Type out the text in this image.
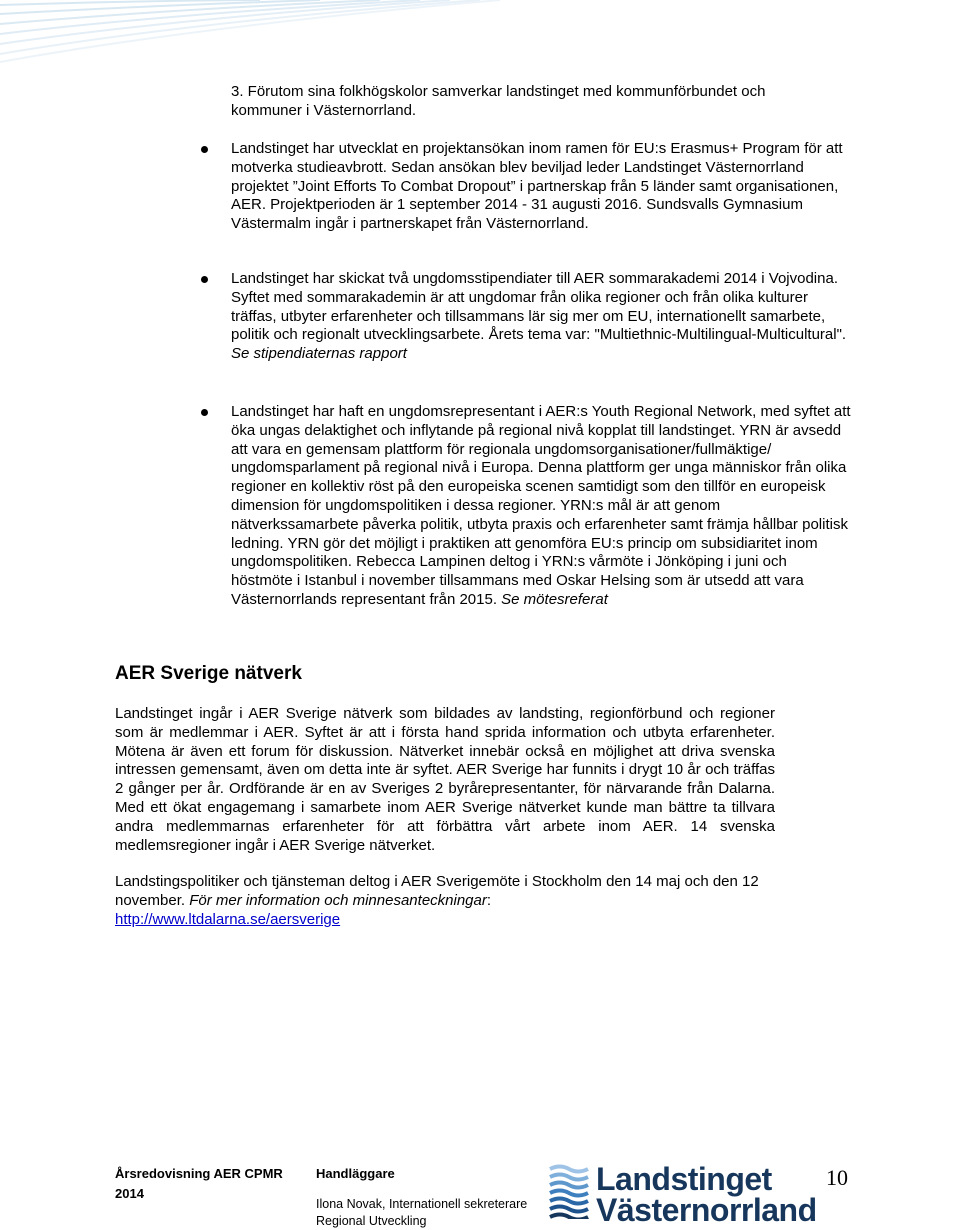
3. Förutom sina folkhögskolor samverkar landstinget med kommunförbundet och
kommuner i Västernorrland.
Landstinget har utvecklat en projektansökan inom ramen för EU:s Erasmus+ Program för att motverka studieavbrott. Sedan ansökan blev beviljad leder Landstinget Västernorrland projektet ”Joint Efforts To Combat Dropout” i partnerskap från 5 länder samt organisationen, AER. Projektperioden är 1 september 2014 - 31 augusti 2016. Sundsvalls Gymnasium Västermalm ingår i partnerskapet från Västernorrland.
Landstinget har skickat två ungdomsstipendiater till AER sommarakademi 2014 i Vojvodina. Syftet med sommarakademin är att ungdomar från olika regioner och från olika kulturer träffas, utbyter erfarenheter och tillsammans lär sig mer om EU, internationellt samarbete, politik och regionalt utvecklingsarbete. Årets tema var: "Multiethnic-Multilingual-Multicultural". Se stipendiaternas rapport
Landstinget har haft en ungdomsrepresentant i AER:s Youth Regional Network, med syftet att öka ungas delaktighet och inflytande på regional nivå kopplat till landstinget. YRN är avsedd att vara en gemensam plattform för regionala ungdomsorganisationer/fullmäktige/ ungdomsparlament på regional nivå i Europa. Denna plattform ger unga människor från olika regioner en kollektiv röst på den europeiska scenen samtidigt som den tillför en europeisk dimension för ungdomspolitiken i dessa regioner. YRN:s mål är att genom nätverkssamarbete påverka politik, utbyta praxis och erfarenheter samt främja hållbar politisk ledning. YRN gör det möjligt i praktiken att genomföra EU:s princip om subsidiaritet inom ungdomspolitiken. Rebecca Lampinen deltog i YRN:s vårmöte i Jönköping i juni och höstmöte i Istanbul i november tillsammans med Oskar Helsing som är utsedd att vara Västernorrlands representant från 2015. Se mötesreferat
AER Sverige nätverk
Landstinget ingår i AER Sverige nätverk som bildades av landsting, regionförbund och regioner som är medlemmar i AER. Syftet är att i första hand sprida information och utbyta erfarenheter. Mötena är även ett forum för diskussion. Nätverket innebär också en möjlighet att driva svenska intressen gemensamt, även om detta inte är syftet. AER Sverige har funnits i drygt 10 år och träffas 2 gånger per år. Ordförande är en av Sveriges 2 byrårepresentanter, för närvarande från Dalarna. Med ett ökat engagemang i samarbete inom AER Sverige nätverket kunde man bättre ta tillvara andra medlemmarnas erfarenheter för att förbättra vårt arbete inom AER. 14 svenska medlemsregioner ingår i AER Sverige nätverket.
Landstingspolitiker och tjänsteman deltog i AER Sverigemöte i Stockholm den 14 maj och den 12 november. För mer information och minnesanteckningar:
http://www.ltdalarna.se/aersverige
Årsredovisning AER CPMR
2014
Handläggare
Ilona Novak, Internationell sekreterare
Regional Utveckling
Landstinget
Västernorrland
10
